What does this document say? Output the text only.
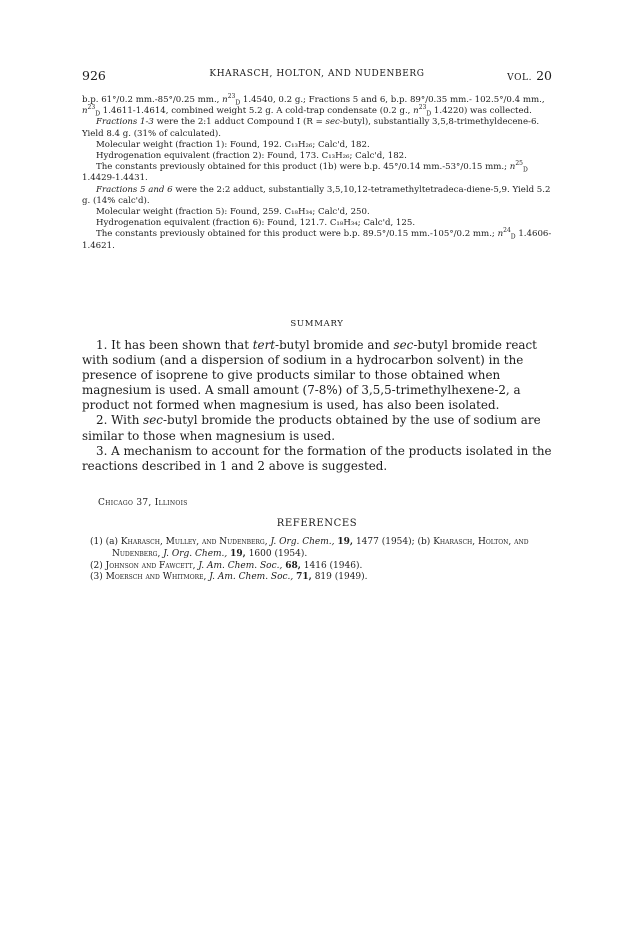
926	KHARASCH, HOLTON, AND NUDENBERG	VOL. 20

b.p. 61°/0.2 mm.-85°/0.25 mm., $n^{23}_D$ 1.4540, 0.2 g.; Fractions 5 and 6, b.p. 89°/0.35 mm.- 102.5°/0.4 mm., $n^{23}_D$ 1.4611-1.4614, combined weight 5.2 g. A cold-trap condensate (0.2 g., $n^{23}_D$ 1.4220) was collected.

Fractions 1-3 were the 2:1 adduct Compound I (R = sec-butyl), substantially 3,5,8-trimethyldecene-6. Yield 8.4 g. (31% of calculated).

Molecular weight (fraction 1): Found, 192. C₁₃H₂₆; Calc'd, 182.

Hydrogenation equivalent (fraction 2): Found, 173. C₁₃H₂₆; Calc'd, 182.

The constants previously obtained for this product (1b) were b.p. 45°/0.14 mm.-53°/0.15 mm.; $n^{25}_D$ 1.4429-1.4431.

Fractions 5 and 6 were the 2:2 adduct, substantially 3,5,10,12-tetramethyltetradeca-diene-5,9. Yield 5.2 g. (14% calc'd).

Molecular weight (fraction 5): Found, 259. C₁₈H₃₄; Calc'd, 250.

Hydrogenation equivalent (fraction 6): Found, 121.7. C₁₈H₃₄; Calc'd, 125.

The constants previously obtained for this product were b.p. 89.5°/0.15 mm.-105°/0.2 mm.; $n^{24}_D$ 1.4606-1.4621.

SUMMARY

1. It has been shown that tert-butyl bromide and sec-butyl bromide react with sodium (and a dispersion of sodium in a hydrocarbon solvent) in the presence of isoprene to give products similar to those obtained when magnesium is used. A small amount (7-8%) of 3,5,5-trimethylhexene-2, a product not formed when magnesium is used, has also been isolated.

2. With sec-butyl bromide the products obtained by the use of sodium are similar to those when magnesium is used.

3. A mechanism to account for the formation of the products isolated in the reactions described in 1 and 2 above is suggested.

Chicago 37, Illinois
REFERENCES

(1) (a) Kharasch, Mulley, and Nudenberg, J. Org. Chem., 19, 1477 (1954); (b) Kharasch, Holton, and Nudenberg, J. Org. Chem., 19, 1600 (1954).

(2) Johnson and Fawcett, J. Am. Chem. Soc., 68, 1416 (1946).

(3) Moersch and Whitmore, J. Am. Chem. Soc., 71, 819 (1949).
